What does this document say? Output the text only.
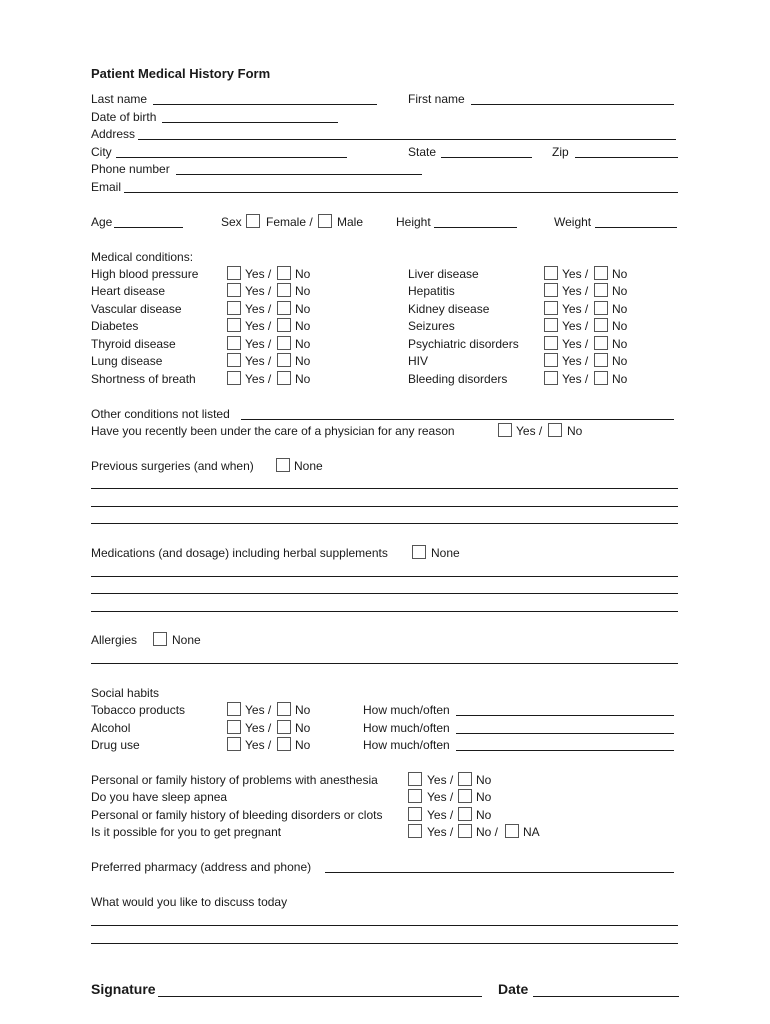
Patient Medical History Form
Last name	First name
Date of birth
Address
City	State	Zip
Phone number
Email
Age	Sex Female / Male	Height	Weight
Medical conditions:
High blood pressure	Yes / No	Liver disease	Yes / No
Heart disease	Yes / No	Hepatitis	Yes / No
Vascular disease	Yes / No	Kidney disease	Yes / No
Diabetes	Yes / No	Seizures	Yes / No
Thyroid disease	Yes / No	Psychiatric disorders	Yes / No
Lung disease	Yes / No	HIV	Yes / No
Shortness of breath	Yes / No	Bleeding disorders	Yes / No
Other conditions not listed
Have you recently been under the care of a physician for any reason	Yes / No
Previous surgeries (and when)	None
Medications (and dosage) including herbal supplements	None
Allergies	None
Social habits
Tobacco products	Yes / No	How much/often
Alcohol	Yes / No	How much/often
Drug use	Yes / No	How much/often
Personal or family history of problems with anesthesia	Yes / No
Do you have sleep apnea	Yes / No
Personal or family history of bleeding disorders or clots	Yes / No
Is it possible for you to get pregnant	Yes / No / NA
Preferred pharmacy (address and phone)
What would you like to discuss today
Signature	Date
